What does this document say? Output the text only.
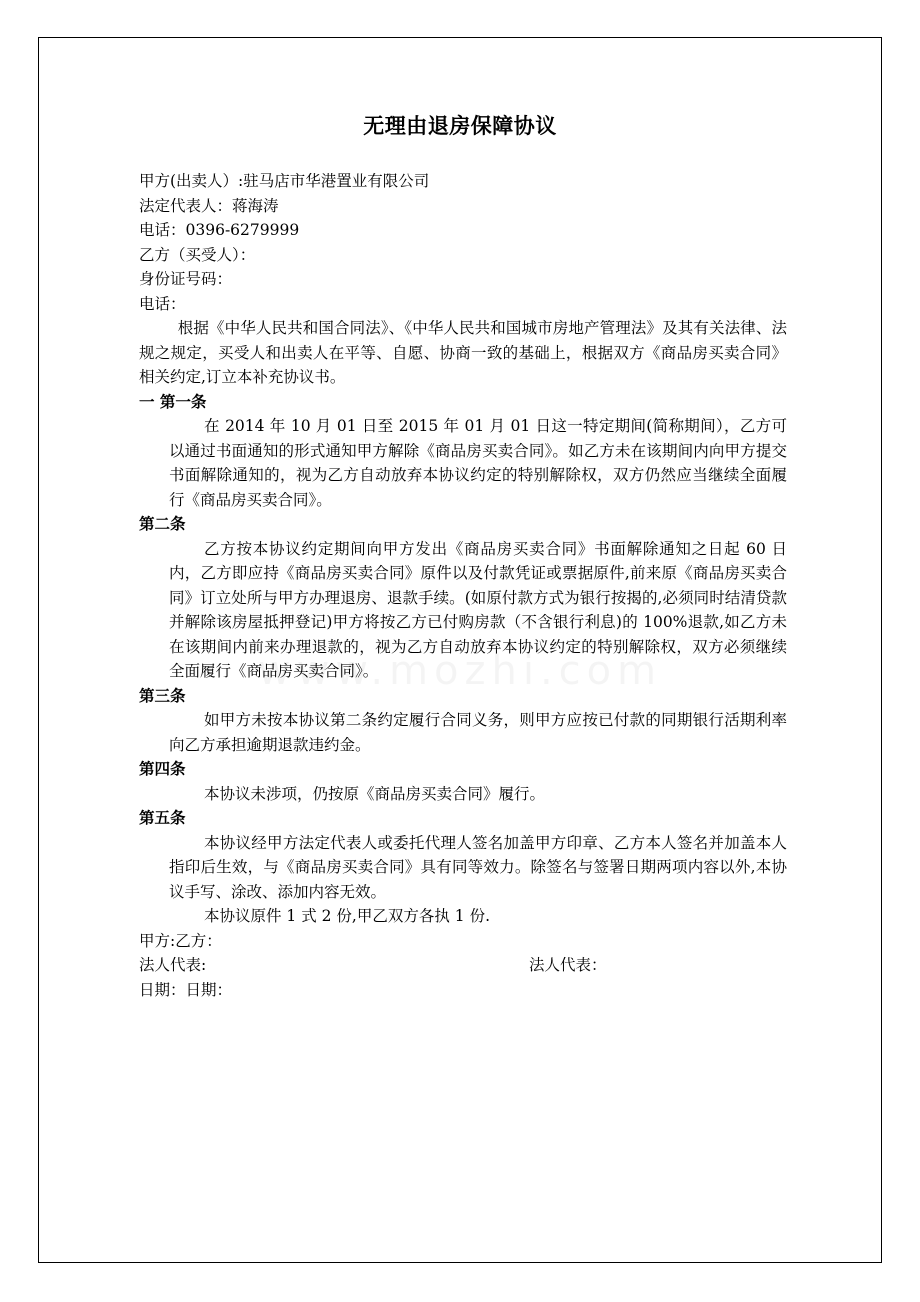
无理由退房保障协议
甲方(出卖人）:驻马店市华港置业有限公司
法定代表人：蒋海涛
电话：0396-6279999
乙方（买受人）：
身份证号码：
电话：

根据《中华人民共和国合同法》、《中华人民共和国城市房地产管理法》及其有关法律、法规之规定，买受人和出卖人在平等、自愿、协商一致的基础上，根据双方《商品房买卖合同》 相关约定,订立本补充协议书。

一 第一条

在 2014 年 10 月 01 日至 2015 年 01 月 01 日这一特定期间(简称期间），乙方可以通过书面通知的形式通知甲方解除《商品房买卖合同》。如乙方未在该期间内向甲方提交书面解除通知的，视为乙方自动放弃本协议约定的特别解除权，双方仍然应当继续全面履行《商品房买卖合同》。

第二条

乙方按本协议约定期间向甲方发出《商品房买卖合同》书面解除通知之日起 60 日内，乙方即应持《商品房买卖合同》原件以及付款凭证或票据原件,前来原《商品房买卖合同》订立处所与甲方办理退房、退款手续。(如原付款方式为银行按揭的,必须同时结清贷款并解除该房屋抵押登记)甲方将按乙方已付购房款（不含银行利息)的 100%退款,如乙方未在该期间内前来办理退款的，视为乙方自动放弃本协议约定的特别解除权，双方必须继续全面履行《商品房买卖合同》。

第三条

如甲方未按本协议第二条约定履行合同义务，则甲方应按已付款的同期银行活期利率向乙方承担逾期退款违约金。

第四条

本协议未涉项，仍按原《商品房买卖合同》履行。

第五条

本协议经甲方法定代表人或委托代理人签名加盖甲方印章、乙方本人签名并加盖本人指印后生效，与《商品房买卖合同》具有同等效力。除签名与签署日期两项内容以外,本协议手写、涂改、添加内容无效。

本协议原件 1 式 2 份,甲乙双方各执 1 份.

甲方:乙方：
法人代表:	法人代表：
日期：日期：
